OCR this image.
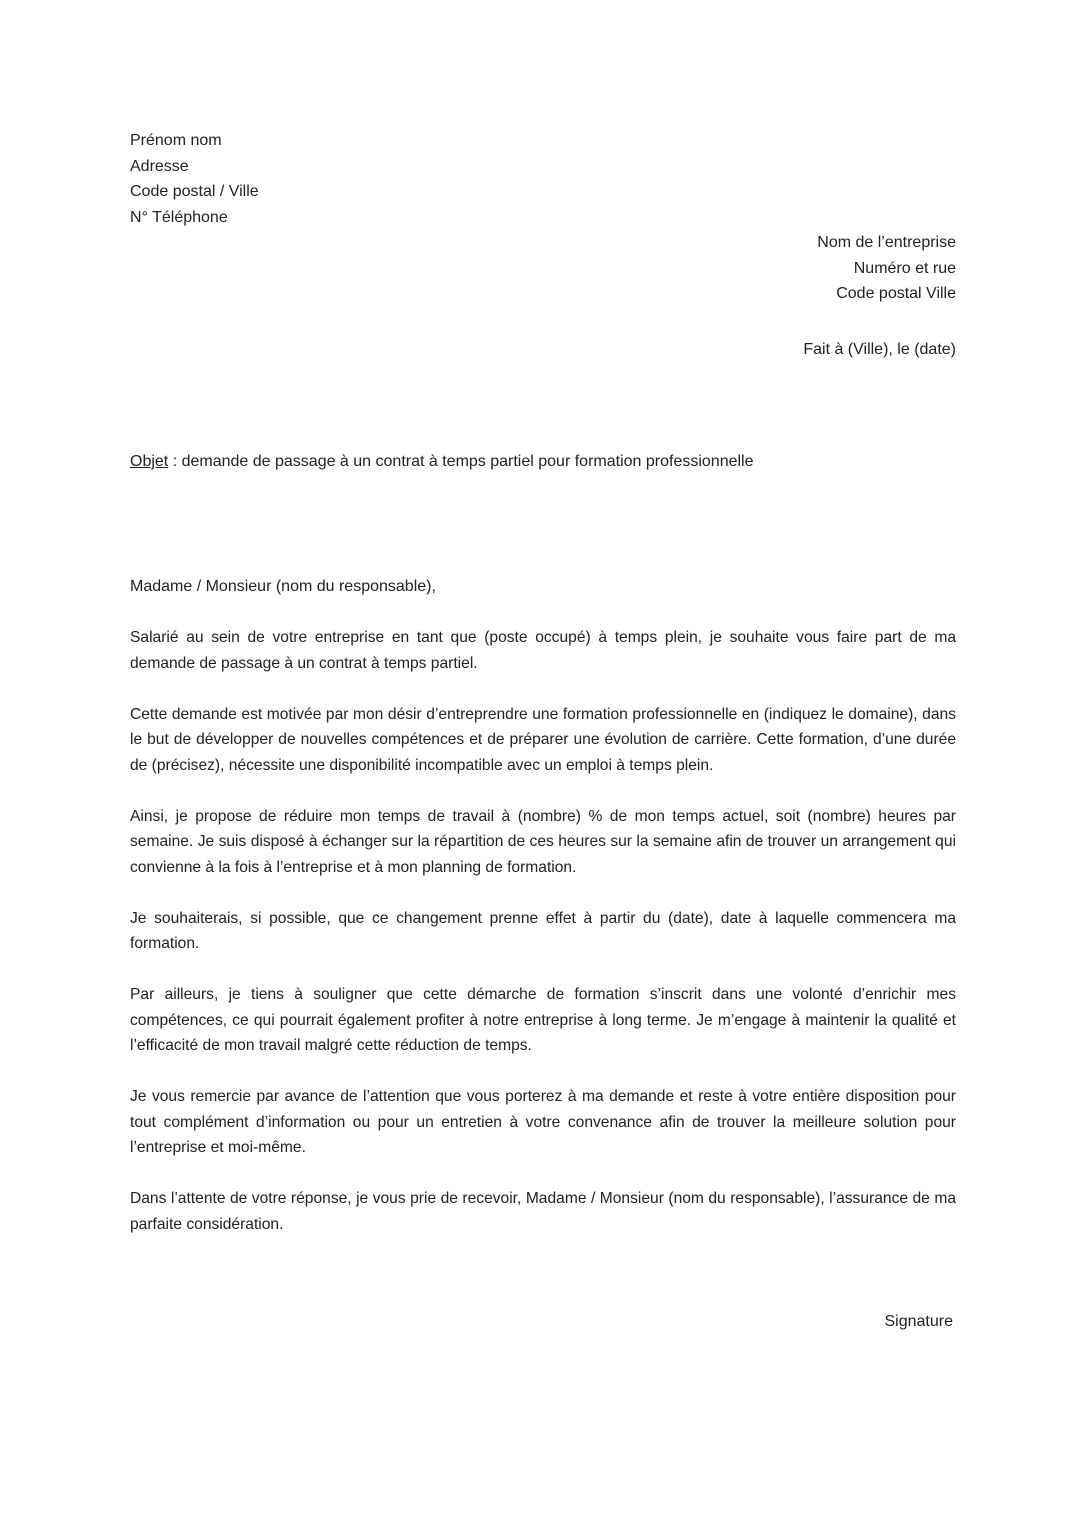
Prénom nom
Adresse
Code postal / Ville
N° Téléphone
Nom de l’entreprise
Numéro et rue
Code postal Ville
Fait à (Ville), le (date)
Objet : demande de passage à un contrat à temps partiel pour formation professionnelle
Madame / Monsieur (nom du responsable),

Salarié au sein de votre entreprise en tant que (poste occupé) à temps plein, je souhaite vous faire part de ma demande de passage à un contrat à temps partiel.

Cette demande est motivée par mon désir d’entreprendre une formation professionnelle en (indiquez le domaine), dans le but de développer de nouvelles compétences et de préparer une évolution de carrière. Cette formation, d’une durée de (précisez), nécessite une disponibilité incompatible avec un emploi à temps plein.

Ainsi, je propose de réduire mon temps de travail à (nombre) % de mon temps actuel, soit (nombre) heures par semaine. Je suis disposé à échanger sur la répartition de ces heures sur la semaine afin de trouver un arrangement qui convienne à la fois à l’entreprise et à mon planning de formation.

Je souhaiterais, si possible, que ce changement prenne effet à partir du (date), date à laquelle commencera ma formation.

Par ailleurs, je tiens à souligner que cette démarche de formation s’inscrit dans une volonté d’enrichir mes compétences, ce qui pourrait également profiter à notre entreprise à long terme. Je m’engage à maintenir la qualité et l’efficacité de mon travail malgré cette réduction de temps.

Je vous remercie par avance de l’attention que vous porterez à ma demande et reste à votre entière disposition pour tout complément d’information ou pour un entretien à votre convenance afin de trouver la meilleure solution pour l’entreprise et moi-même.

Dans l’attente de votre réponse, je vous prie de recevoir, Madame / Monsieur (nom du responsable), l’assurance de ma parfaite considération.

Signature
